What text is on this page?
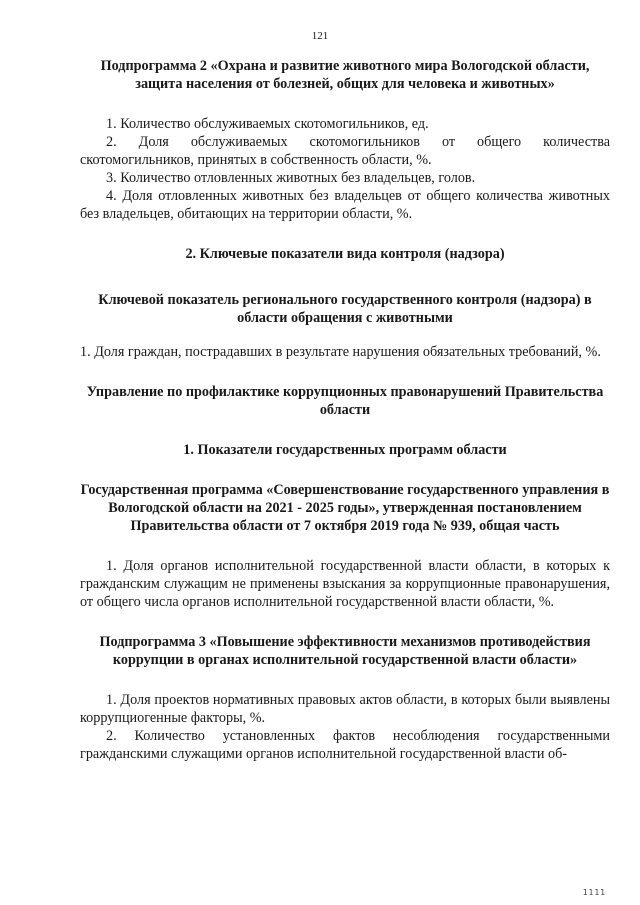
121

Подпрограмма 2 «Охрана и развитие животного мира Вологодской области, защита населения от болезней, общих для человека и животных»

1. Количество обслуживаемых скотомогильников, ед.

2. Доля обслуживаемых скотомогильников от общего количества скотомогильников, принятых в собственность области, %.

3. Количество отловленных животных без владельцев, голов.

4. Доля отловленных животных без владельцев от общего количества животных без владельцев, обитающих на территории области, %.

2. Ключевые показатели вида контроля (надзора)

Ключевой показатель регионального государственного контроля (надзора) в области обращения с животными

1. Доля граждан, пострадавших в результате нарушения обязательных требований, %.

Управление по профилактике коррупционных правонарушений Правительства области

1. Показатели государственных программ области

Государственная программа «Совершенствование государственного управления в Вологодской области на 2021 - 2025 годы», утвержденная постановлением Правительства области от 7 октября 2019 года № 939, общая часть

1. Доля органов исполнительной государственной власти области, в которых к гражданским служащим не применены взыскания за коррупционные правонарушения, от общего числа органов исполнительной государственной власти области, %.

Подпрограмма 3 «Повышение эффективности механизмов противодействия коррупции в органах исполнительной государственной власти области»

1. Доля проектов нормативных правовых актов области, в которых были выявлены коррупциогенные факторы, %.

2. Количество установленных фактов несоблюдения государственными гражданскими служащими органов исполнительной государственной власти об-

1111
